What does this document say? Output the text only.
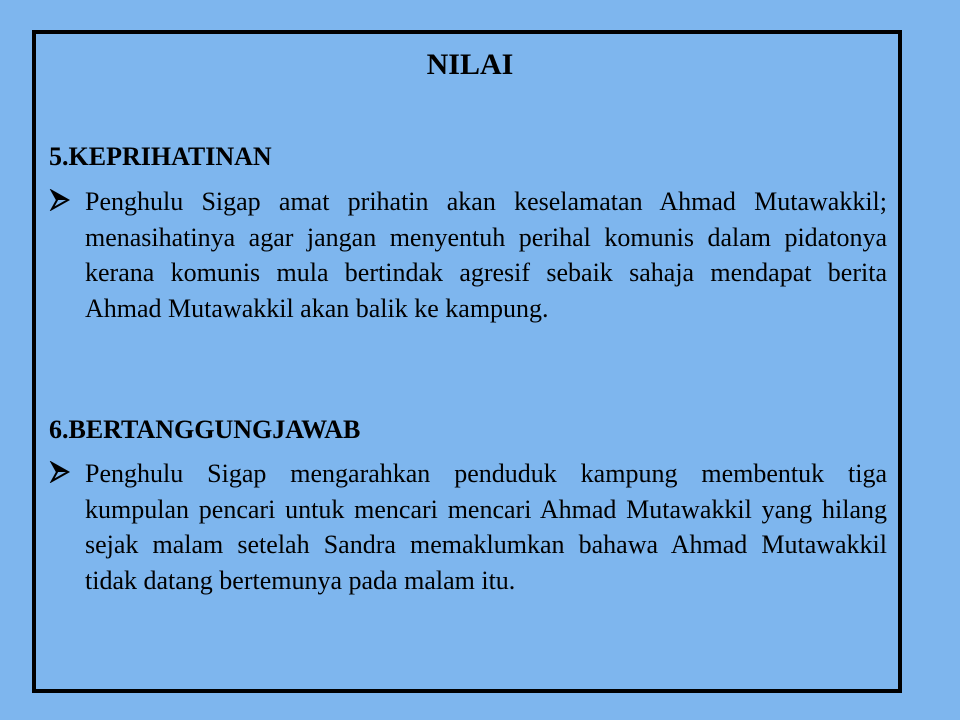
NILAI
5.KEPRIHATINAN

Penghulu Sigap amat prihatin akan keselamatan Ahmad Mutawakkil; menasihatinya agar jangan menyentuh perihal komunis dalam pidatonya kerana komunis mula bertindak agresif sebaik sahaja mendapat berita Ahmad Mutawakkil akan balik ke kampung.

6.BERTANGGUNGJAWAB

Penghulu Sigap mengarahkan penduduk kampung membentuk tiga kumpulan pencari untuk mencari mencari Ahmad Mutawakkil yang hilang sejak malam setelah Sandra memaklumkan bahawa Ahmad Mutawakkil tidak datang bertemunya pada malam itu.
